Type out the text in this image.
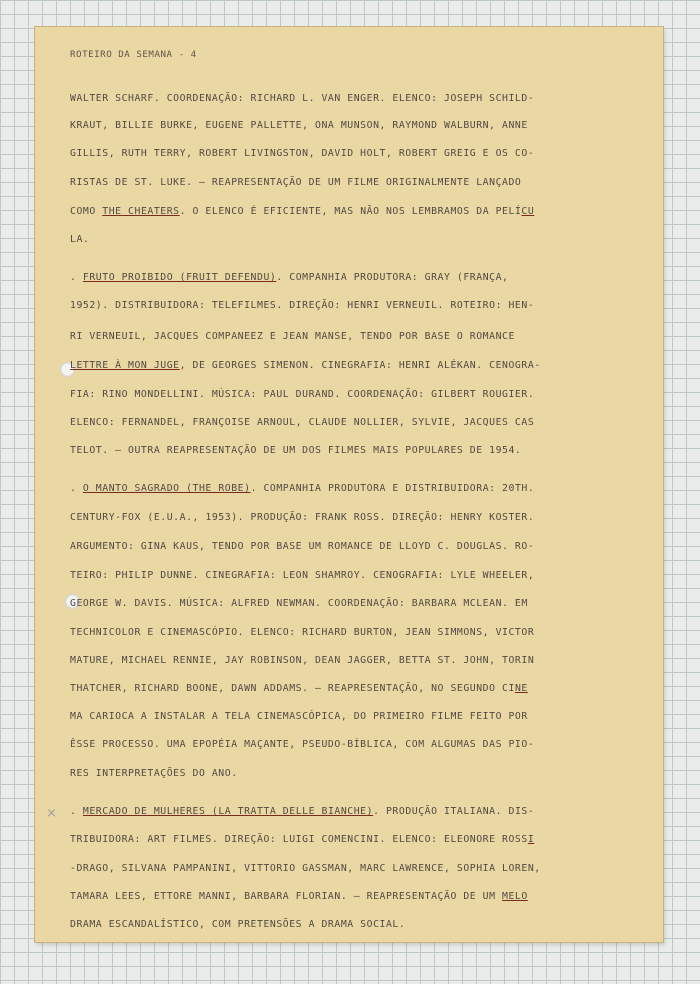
ROTEIRO DA SEMANA - 4

×

WALTER SCHARF. COORDENAÇÃO: RICHARD L. VAN ENGER. ELENCO: JOSEPH SCHILD-

KRAUT, BILLIE BURKE, EUGENE PALLETTE, ONA MUNSON, RAYMOND WALBURN, ANNE

GILLIS, RUTH TERRY, ROBERT LIVINGSTON, DAVID HOLT, ROBERT GREIG E OS CO-

RISTAS DE ST. LUKE. — REAPRESENTAÇÃO DE UM FILME ORIGINALMENTE LANÇADO

COMO THE CHEATERS. O ELENCO É EFICIENTE, MAS NÃO NOS LEMBRAMOS DA PELÍCU

LA.

. FRUTO PROIBIDO (FRUIT DEFENDU). COMPANHIA PRODUTORA: GRAY (FRANÇA,

1952). DISTRIBUIDORA: TELEFILMES. DIREÇÃO: HENRI VERNEUIL. ROTEIRO: HEN-

RI VERNEUIL, JACQUES COMPANEEZ E JEAN MANSE, TENDO POR BASE O ROMANCE

LETTRE À MON JUGE, DE GEORGES SIMENON. CINEGRAFIA: HENRI ALÉKAN. CENOGRA-

FIA: RINO MONDELLINI. MÚSICA: PAUL DURAND. COORDENAÇÃO: GILBERT ROUGIER.

ELENCO: FERNANDEL, FRANÇOISE ARNOUL, CLAUDE NOLLIER, SYLVIE, JACQUES CAS

TELOT. — OUTRA REAPRESENTAÇÃO DE UM DOS FILMES MAIS POPULARES DE 1954.

. O MANTO SAGRADO (THE ROBE). COMPANHIA PRODUTORA E DISTRIBUIDORA: 20TH.

CENTURY-FOX (E.U.A., 1953). PRODUÇÃO: FRANK ROSS. DIREÇÃO: HENRY KOSTER.

ARGUMENTO: GINA KAUS, TENDO POR BASE UM ROMANCE DE LLOYD C. DOUGLAS. RO-

TEIRO: PHILIP DUNNE. CINEGRAFIA: LEON SHAMROY. CENOGRAFIA: LYLE WHEELER,

GEORGE W. DAVIS. MÚSICA: ALFRED NEWMAN. COORDENAÇÃO: BARBARA MCLEAN. EM

TECHNICOLOR E CINEMASCÓPIO. ELENCO: RICHARD BURTON, JEAN SIMMONS, VICTOR

MATURE, MICHAEL RENNIE, JAY ROBINSON, DEAN JAGGER, BETTA ST. JOHN, TORIN

THATCHER, RICHARD BOONE, DAWN ADDAMS. — REAPRESENTAÇÃO, NO SEGUNDO CINE

MA CARIOCA A INSTALAR A TELA CINEMASCÓPICA, DO PRIMEIRO FILME FEITO POR

ÊSSE PROCESSO. UMA EPOPÉIA MAÇANTE, PSEUDO-BÍBLICA, COM ALGUMAS DAS PIO-

RES INTERPRETAÇÕES DO ANO.

. MERCADO DE MULHERES (LA TRATTA DELLE BIANCHE). PRODUÇÃO ITALIANA. DIS-

TRIBUIDORA: ART FILMES. DIREÇÃO: LUIGI COMENCINI. ELENCO: ELEONORE ROSSI

-DRAGO, SILVANA PAMPANINI, VITTORIO GASSMAN, MARC LAWRENCE, SOPHIA LOREN,

TAMARA LEES, ETTORE MANNI, BARBARA FLORIAN. — REAPRESENTAÇÃO DE UM MELO

DRAMA ESCANDALÍSTICO, COM PRETENSÕES A DRAMA SOCIAL.
